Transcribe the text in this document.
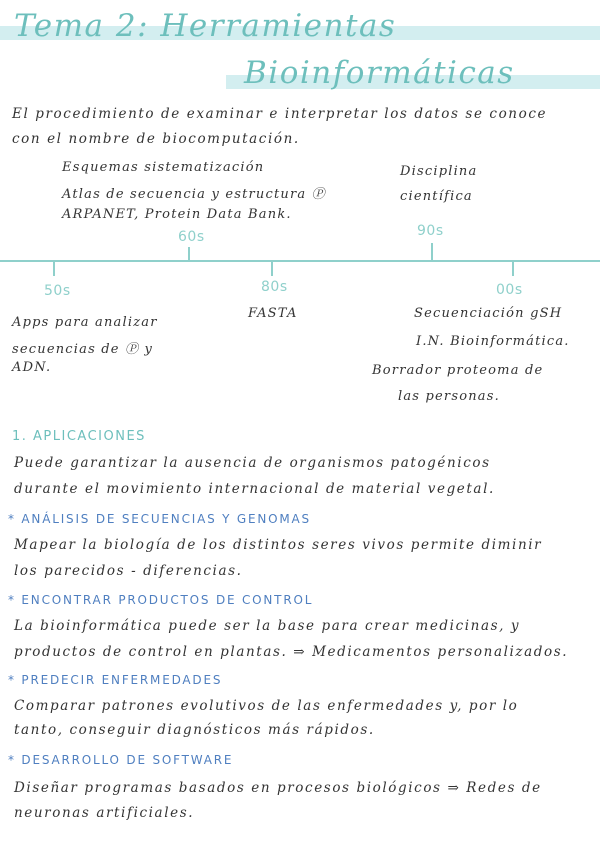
Tema 2: Herramientas
Bioinformáticas
El procedimiento de examinar e interpretar los datos se conoce
con el nombre de biocomputación.
Esquemas sistematización
Atlas de secuencia y estructura Ⓟ
ARPANET, Protein Data Bank.
Disciplina
científica
60s	90s
50s	80s	00s
Apps para analizar
secuencias de Ⓟ y
ADN.
FASTA	Secuenciación gSH
I.N. Bioinformática.
Borrador proteoma de
las personas.
1. APLICACIONES
Puede garantizar la ausencia de organismos patogénicos
durante el movimiento internacional de material vegetal.
* ANÁLISIS DE SECUENCIAS Y GENOMAS
Mapear la biología de los distintos seres vivos permite diminir
los parecidos - diferencias.
* ENCONTRAR PRODUCTOS DE CONTROL
La bioinformática puede ser la base para crear medicinas, y
productos de control en plantas. ⇒ Medicamentos personalizados.
* PREDECIR ENFERMEDADES
Comparar patrones evolutivos de las enfermedades y, por lo
tanto, conseguir diagnósticos más rápidos.
* DESARROLLO DE SOFTWARE
Diseñar programas basados en procesos biológicos ⇒ Redes de
neuronas artificiales.
